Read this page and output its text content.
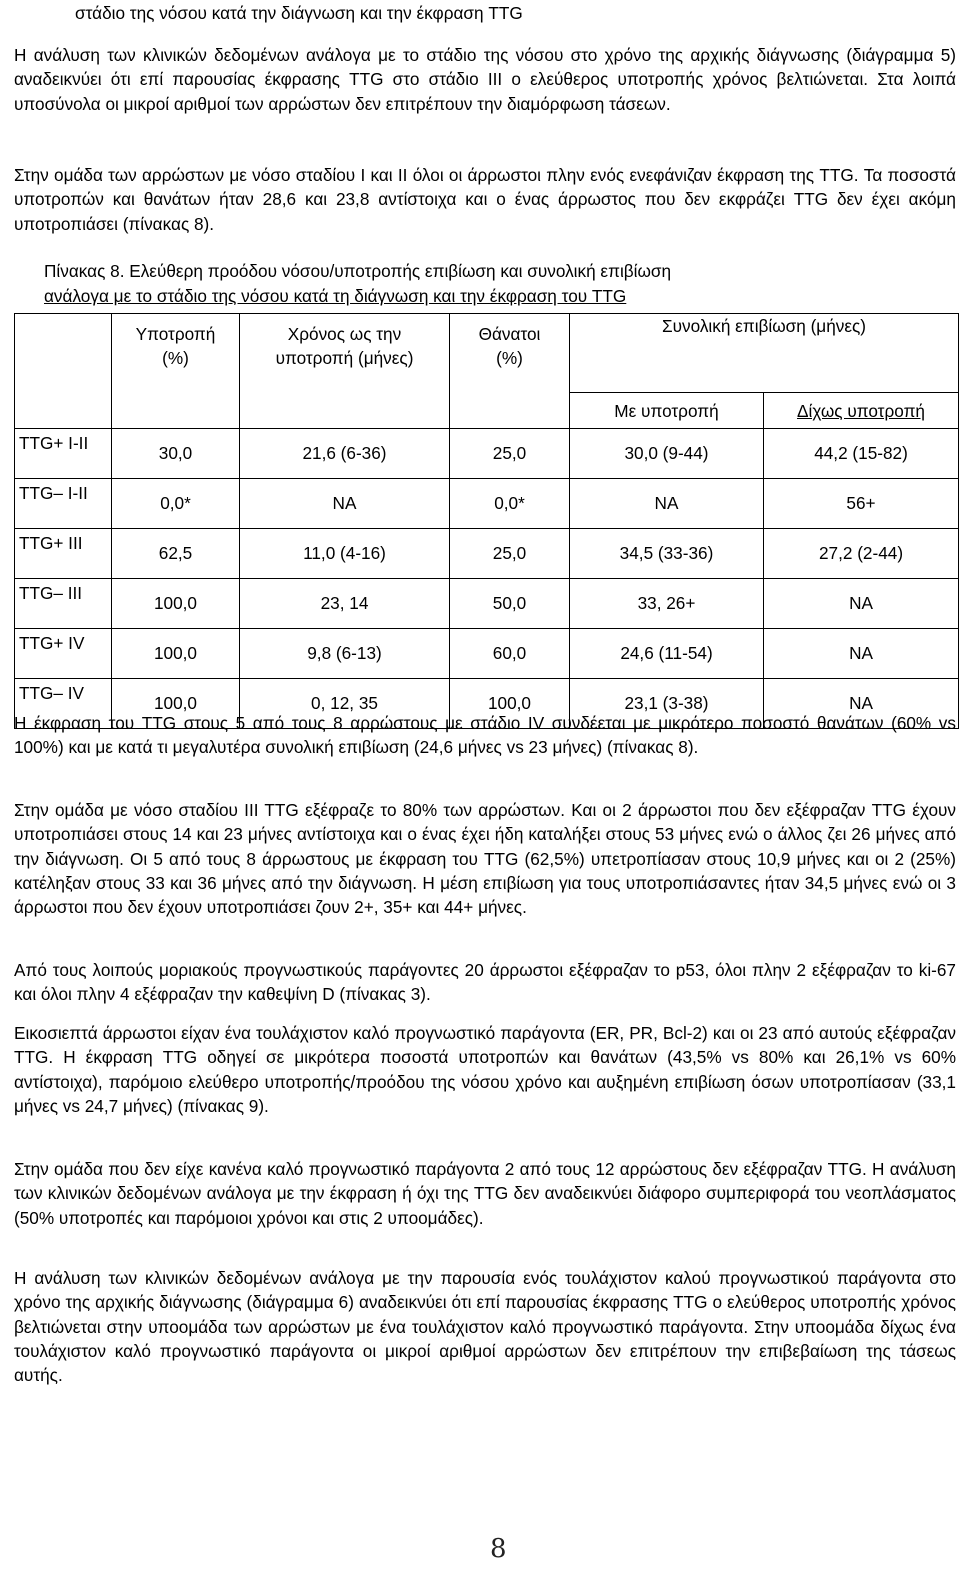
στάδιο της νόσου κατά την διάγνωση και την έκφραση TTG

Η ανάλυση των κλινικών δεδομένων ανάλογα με το στάδιο της νόσου στο χρόνο της αρχικής διάγνωσης (διάγραμμα 5) αναδεικνύει ότι επί παρουσίας έκφρασης TTG στο στάδιο III ο ελεύθερος υποτροπής χρόνος βελτιώνεται. Στα λοιπά υποσύνολα οι μικροί αριθμοί των αρρώστων δεν επιτρέπουν την διαμόρφωση τάσεων.

Στην ομάδα των αρρώστων με νόσο σταδίου I και II όλοι οι άρρωστοι πλην ενός ενεφάνιζαν έκφραση της TTG. Τα ποσοστά υποτροπών και θανάτων ήταν 28,6 και 23,8 αντίστοιχα και ο ένας άρρωστος που δεν εκφράζει TTG δεν έχει ακόμη υποτροπιάσει (πίνακας 8).

Πίνακας 8. Ελεύθερη προόδου νόσου/υποτροπής επιβίωση και συνολική επιβίωση
ανάλογα με το στάδιο της νόσου κατά τη διάγνωση και την έκφραση του TTG
	Υποτροπή (%)	Χρόνος ως την υποτροπή (μήνες)	Θάνατοι (%)	Συνολική επιβίωση (μήνες)	
				Με υποτροπή	Δίχως υποτροπή
TTG+ I-II	30,0	21,6 (6-36)	25,0	30,0 (9-44)	44,2 (15-82)
TTG– I-II	0,0*	NA	0,0*	NA	56+
TTG+ III	62,5	11,0 (4-16)	25,0	34,5 (33-36)	27,2 (2-44)
TTG– III	100,0	23, 14	50,0	33, 26+	NA
TTG+ IV	100,0	9,8 (6-13)	60,0	24,6 (11-54)	NA
TTG– IV	100,0	0, 12, 35	100,0	23,1 (3-38)	NA

Η έκφραση του TTG στους 5 από τους 8 αρρώστους με στάδιο IV συνδέεται με μικρότερο ποσοστό θανάτων (60% vs 100%) και με κατά τι μεγαλυτέρα συνολική επιβίωση (24,6 μήνες vs 23 μήνες) (πίνακας 8).

Στην ομάδα με νόσο σταδίου III TTG εξέφραζε το 80% των αρρώστων. Και οι 2 άρρωστοι που δεν εξέφραζαν TTG έχουν υποτροπιάσει στους 14 και 23 μήνες αντίστοιχα και ο ένας έχει ήδη καταλήξει στους 53 μήνες ενώ ο άλλος ζει 26 μήνες από την διάγνωση. Οι 5 από τους 8 άρρωστους με έκφραση του TTG (62,5%) υπετροπίασαν στους 10,9 μήνες και οι 2 (25%) κατέληξαν στους 33 και 36 μήνες από την διάγνωση. Η μέση επιβίωση για τους υποτροπιάσαντες ήταν 34,5 μήνες ενώ οι 3 άρρωστοι που δεν έχουν υποτροπιάσει ζουν 2+, 35+ και 44+ μήνες.

Από τους λοιπούς μοριακούς προγνωστικούς παράγοντες 20 άρρωστοι εξέφραζαν το p53, όλοι πλην 2 εξέφραζαν το ki-67 και όλοι πλην 4 εξέφραζαν την καθεψίνη D (πίνακας 3).

Εικοσιεπτά άρρωστοι είχαν ένα τουλάχιστον καλό προγνωστικό παράγοντα (ER, PR, Bcl-2) και οι 23 από αυτούς εξέφραζαν TTG. Η έκφραση TTG οδηγεί σε μικρότερα ποσοστά υποτροπών και θανάτων (43,5% vs 80% και 26,1% vs 60% αντίστοιχα), παρόμοιο ελεύθερο υποτροπής/προόδου της νόσου χρόνο και αυξημένη επιβίωση όσων υποτροπίασαν (33,1 μήνες vs 24,7 μήνες) (πίνακας 9).

Στην ομάδα που δεν είχε κανένα καλό προγνωστικό παράγοντα 2 από τους 12 αρρώστους δεν εξέφραζαν TTG. Η ανάλυση των κλινικών δεδομένων ανάλογα με την έκφραση ή όχι της TTG δεν αναδεικνύει διάφορο συμπεριφορά του νεοπλάσματος (50% υποτροπές και παρόμοιοι χρόνοι και στις 2 υποομάδες).

Η ανάλυση των κλινικών δεδομένων ανάλογα με την παρουσία ενός τουλάχιστον καλού προγνωστικού παράγοντα στο χρόνο της αρχικής διάγνωσης (διάγραμμα 6) αναδεικνύει ότι επί παρουσίας έκφρασης TTG ο ελεύθερος υποτροπής χρόνος βελτιώνεται στην υποομάδα των αρρώστων με ένα τουλάχιστον καλό προγνωστικό παράγοντα. Στην υποομάδα δίχως ένα τουλάχιστον καλό προγνωστικό παράγοντα οι μικροί αριθμοί αρρώστων δεν επιτρέπουν την επιβεβαίωση της τάσεως αυτής.

8
